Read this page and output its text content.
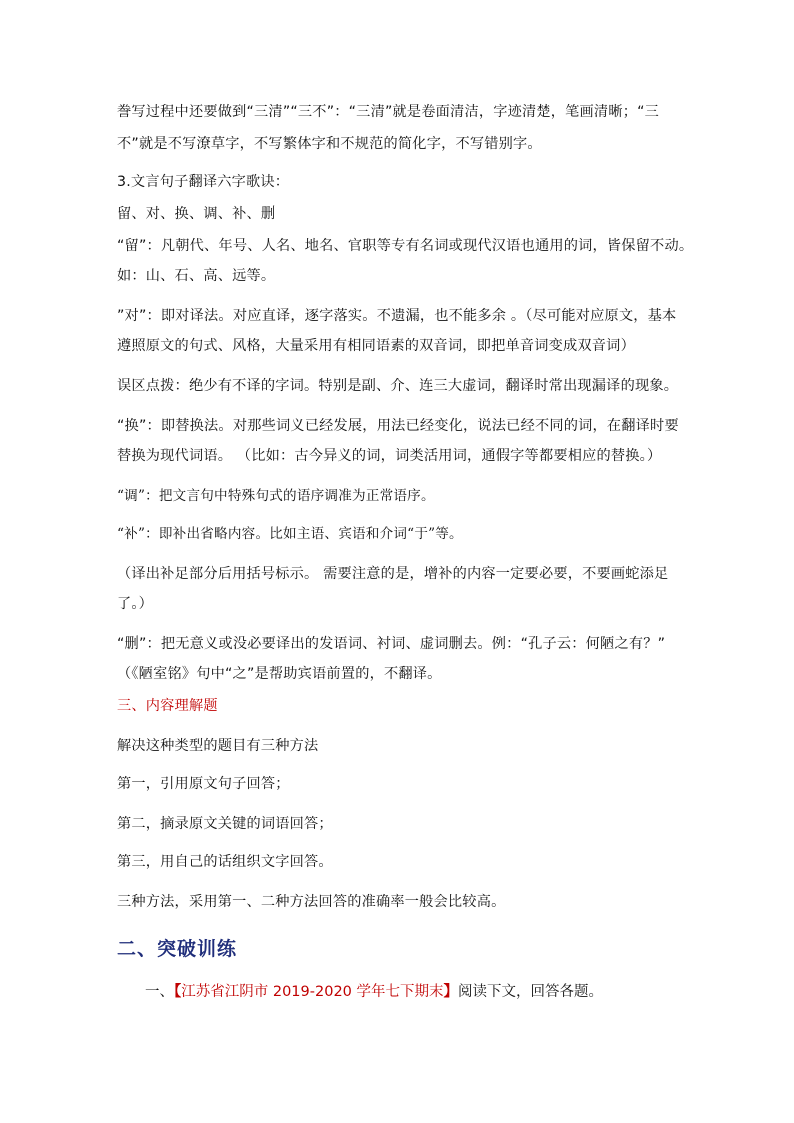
誊写过程中还要做到“三清”“三不”：“三清”就是卷面清洁，字迹清楚，笔画清晰；“三
不”就是不写潦草字，不写繁体字和不规范的简化字，不写错别字。
3.文言句子翻译六字歌诀：
留、对、换、调、补、删
“留”：凡朝代、年号、人名、地名、官职等专有名词或现代汉语也通用的词，皆保留不动。
如：山、石、高、远等。
”对”：即对译法。对应直译，逐字落实。不遗漏，也不能多余 。（尽可能对应原文，基本
遵照原文的句式、风格，大量采用有相同语素的双音词，即把单音词变成双音词）
误区点拨：绝少有不译的字词。特别是副、介、连三大虚词，翻译时常出现漏译的现象。
“换”：即替换法。对那些词义已经发展，用法已经变化，说法已经不同的词，在翻译时要
替换为现代词语。 （比如：古今异义的词，词类活用词，通假字等都要相应的替换。）
“调”：把文言句中特殊句式的语序调准为正常语序。
“补”：即补出省略内容。比如主语、宾语和介词“于”等。
（译出补足部分后用括号标示。 需要注意的是，增补的内容一定要必要，不要画蛇添足
了。）
“删”：把无意义或没必要译出的发语词、衬词、虚词删去。例：“孔子云：何陋之有？”
（《陋室铭》句中“之”是帮助宾语前置的，不翻译。
三、内容理解题
解决这种类型的题目有三种方法
第一，引用原文句子回答；
第二，摘录原文关键的词语回答；
第三，用自己的话组织文字回答。
三种方法，采用第一、二种方法回答的准确率一般会比较高。
二、突破训练
一、【江苏省江阴市 2019-2020 学年七下期末】阅读下文，回答各题。
